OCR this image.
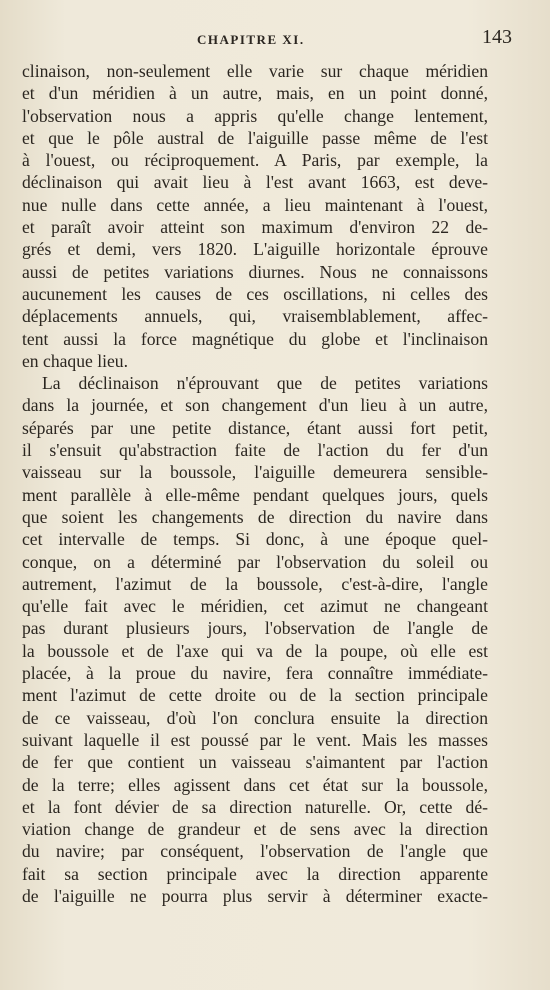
CHAPITRE XI.	143
clinaison, non-seulement elle varie sur chaque méridien
et d'un méridien à un autre, mais, en un point donné,
l'observation nous a appris qu'elle change lentement,
et que le pôle austral de l'aiguille passe même de l'est
à l'ouest, ou réciproquement. A Paris, par exemple, la
déclinaison qui avait lieu à l'est avant 1663, est deve-
nue nulle dans cette année, a lieu maintenant à l'ouest,
et paraît avoir atteint son maximum d'environ 22 de-
grés et demi, vers 1820. L'aiguille horizontale éprouve
aussi de petites variations diurnes. Nous ne connaissons
aucunement les causes de ces oscillations, ni celles des
déplacements annuels, qui, vraisemblablement, affec-
tent aussi la force magnétique du globe et l'inclinaison
en chaque lieu.
La déclinaison n'éprouvant que de petites variations
dans la journée, et son changement d'un lieu à un autre,
séparés par une petite distance, étant aussi fort petit,
il s'ensuit qu'abstraction faite de l'action du fer d'un
vaisseau sur la boussole, l'aiguille demeurera sensible-
ment parallèle à elle-même pendant quelques jours, quels
que soient les changements de direction du navire dans
cet intervalle de temps. Si donc, à une époque quel-
conque, on a déterminé par l'observation du soleil ou
autrement, l'azimut de la boussole, c'est-à-dire, l'angle
qu'elle fait avec le méridien, cet azimut ne changeant
pas durant plusieurs jours, l'observation de l'angle de
la boussole et de l'axe qui va de la poupe, où elle est
placée, à la proue du navire, fera connaître immédiate-
ment l'azimut de cette droite ou de la section principale
de ce vaisseau, d'où l'on conclura ensuite la direction
suivant laquelle il est poussé par le vent. Mais les masses
de fer que contient un vaisseau s'aimantent par l'action
de la terre; elles agissent dans cet état sur la boussole,
et la font dévier de sa direction naturelle. Or, cette dé-
viation change de grandeur et de sens avec la direction
du navire; par conséquent, l'observation de l'angle que
fait sa section principale avec la direction apparente
de l'aiguille ne pourra plus servir à déterminer exacte-
